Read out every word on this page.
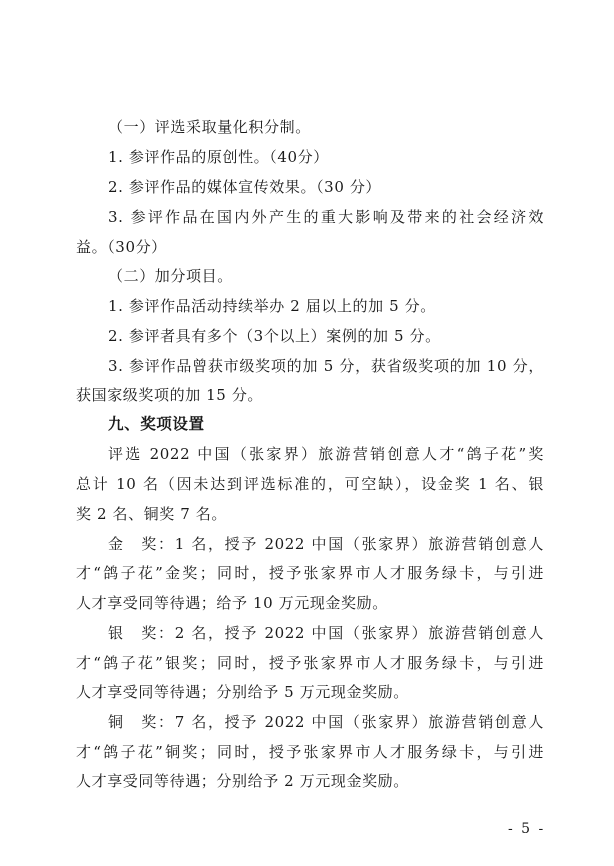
（一）评选采取量化积分制。
1. 参评作品的原创性。（40分）
2. 参评作品的媒体宣传效果。（30 分）
3. 参评作品在国内外产生的重大影响及带来的社会经济效
益。（30分）
（二）加分项目。
1. 参评作品活动持续举办 2 届以上的加 5 分。
2. 参评者具有多个（3个以上）案例的加 5 分。
3. 参评作品曾获市级奖项的加 5 分，获省级奖项的加 10 分，
获国家级奖项的加 15 分。
九、奖项设置
评选 2022 中国（张家界）旅游营销创意人才“鸽子花”奖
总计 10 名（因未达到评选标准的，可空缺），设金奖 1 名、银
奖 2 名、铜奖 7 名。
金　奖：1 名，授予 2022 中国（张家界）旅游营销创意人
才“鸽子花”金奖；同时，授予张家界市人才服务绿卡，与引进
人才享受同等待遇；给予 10 万元现金奖励。
银　奖：2 名，授予 2022 中国（张家界）旅游营销创意人
才“鸽子花”银奖；同时，授予张家界市人才服务绿卡，与引进
人才享受同等待遇；分别给予 5 万元现金奖励。
铜　奖：7 名，授予 2022 中国（张家界）旅游营销创意人
才“鸽子花”铜奖；同时，授予张家界市人才服务绿卡，与引进
人才享受同等待遇；分别给予 2 万元现金奖励。
- 5 -
